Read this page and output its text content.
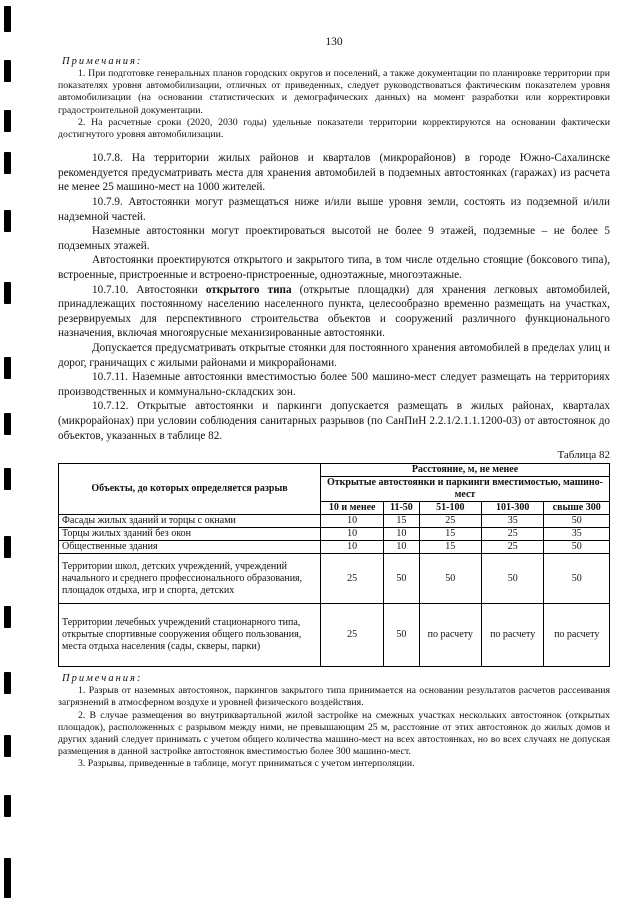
130
Примечания:

1. При подготовке генеральных планов городских округов и поселений, а также документации по планировке территории при показателях уровня автомобилизации, отличных от приведенных, следует руководствоваться фактическим показателем уровня автомобилизации (на основании статистических и демографических данных) на момент разработки или корректировки градостроительной документации.

2. На расчетные сроки (2020, 2030 годы) удельные показатели территории корректируются на основании фактически достигнутого уровня автомобилизации.

10.7.8. На территории жилых районов и кварталов (микрорайонов) в городе Южно-Сахалинске рекомендуется предусматривать места для хранения автомобилей в подземных автостоянках (гаражах) из расчета не менее 25 машино-мест на 1000 жителей.

10.7.9. Автостоянки могут размещаться ниже и/или выше уровня земли, состоять из подземной и/или надземной частей.

Наземные автостоянки могут проектироваться высотой не более 9 этажей, подземные – не более 5 подземных этажей.

Автостоянки проектируются открытого и закрытого типа, в том числе отдельно стоящие (боксового типа), встроенные, пристроенные и встроено-пристроенные, одноэтажные, многоэтажные.

10.7.10. Автостоянки открытого типа (открытые площадки) для хранения легковых автомобилей, принадлежащих постоянному населению населенного пункта, целесообразно временно размещать на участках, резервируемых для перспективного строительства объектов и сооружений различного функционального назначения, включая многоярусные механизированные автостоянки.

Допускается предусматривать открытые стоянки для постоянного хранения автомобилей в пределах улиц и дорог, граничащих с жилыми районами и микрорайонами.

10.7.11. Наземные автостоянки вместимостью более 500 машино-мест следует размещать на территориях производственных и коммунально-складских зон.

10.7.12. Открытые автостоянки и паркинги допускается размещать в жилых районах, кварталах (микрорайонах) при условии соблюдения санитарных разрывов (по СанПиН 2.2.1/2.1.1.1200-03) от автостоянок до объектов, указанных в таблице 82.

Таблица 82
Объекты, до которых определяется разрыв	Расстояние, м, не менее				
	Открытые автостоянки и паркинги вместимостью, машино-мест				
	10 и менее	11-50	51-100	101-300	свыше 300
Фасады жилых зданий и торцы с окнами	10	15	25	35	50
Торцы жилых зданий без окон	10	10	15	25	35
Общественные здания	10	10	15	25	50
Территории школ, детских учреждений, учреждений начального и среднего профессионального образования, площадок отдыха, игр и спорта, детских	25	50	50	50	50
Территории лечебных учреждений стационарного типа, открытые спортивные сооружения общего пользования, места отдыха населения (сады, скверы, парки)	25	50	по расчету	по расчету	по расчету
Примечания:

1. Разрыв от наземных автостоянок, паркингов закрытого типа принимается на основании результатов расчетов рассеивания загрязнений в атмосферном воздухе и уровней физического воздействия.

2. В случае размещения во внутриквартальной жилой застройке на смежных участках нескольких автостоянок (открытых площадок), расположенных с разрывом между ними, не превышающим 25 м, расстояние от этих автостоянок до жилых домов и других зданий следует принимать с учетом общего количества машино-мест на всех автостоянках, но во всех случаях не допуская размещения в данной застройке автостоянок вместимостью более 300 машино-мест.

3. Разрывы, приведенные в таблице, могут приниматься с учетом интерполяции.
